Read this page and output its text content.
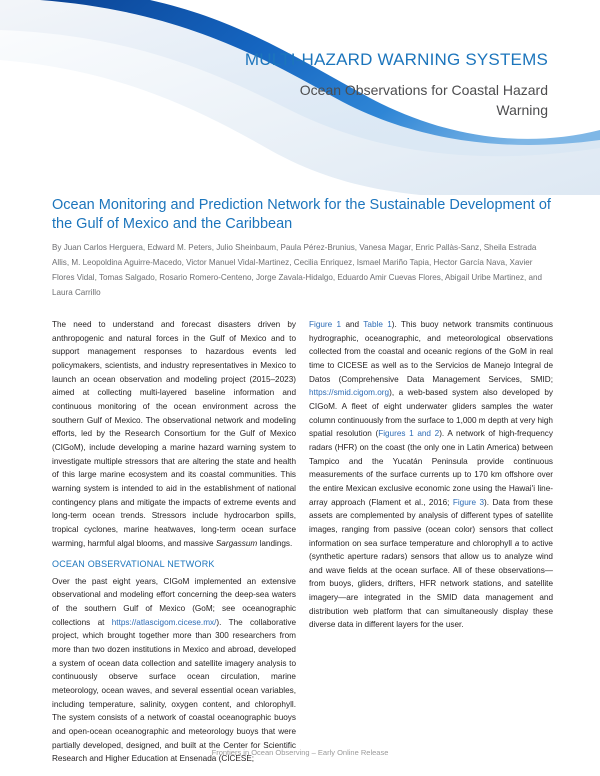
MULTI-HAZARD WARNING SYSTEMS
Ocean Observations for Coastal Hazard Warning
Ocean Monitoring and Prediction Network for the Sustainable Development of the Gulf of Mexico and the Caribbean

By Juan Carlos Herguera, Edward M. Peters, Julio Sheinbaum, Paula Pérez-Brunius, Vanesa Magar, Enric Pallàs-Sanz, Sheila Estrada Allis, M. Leopoldina Aguirre-Macedo, Victor Manuel Vidal-Martinez, Cecilia Enriquez, Ismael Mariño Tapia, Hector García Nava, Xavier Flores Vidal, Tomas Salgado, Rosario Romero-Centeno, Jorge Zavala-Hidalgo, Eduardo Amir Cuevas Flores, Abigail Uribe Martinez, and Laura Carrillo

The need to understand and forecast disasters driven by anthropogenic and natural forces in the Gulf of Mexico and to support management responses to hazardous events led policymakers, scientists, and industry representatives in Mexico to launch an ocean observation and modeling project (2015–2023) aimed at collecting multi-layered baseline information and continuous monitoring of the ocean environment across the southern Gulf of Mexico. The observational network and modeling efforts, led by the Research Consortium for the Gulf of Mexico (CIGoM), include developing a marine hazard warning system to investigate multiple stressors that are altering the state and health of this large marine ecosystem and its coastal communities. This warning system is intended to aid in the establishment of national contingency plans and mitigate the impacts of extreme events and long-term ocean trends. Stressors include hydrocarbon spills, tropical cyclones, marine heatwaves, long-term ocean surface warming, harmful algal blooms, and massive Sargassum landings.

OCEAN OBSERVATIONAL NETWORK

Over the past eight years, CIGoM implemented an extensive observational and modeling effort concerning the deep-sea waters of the southern Gulf of Mexico (GoM; see oceanographic collections at https://atlascigom.cicese.mx/). The collaborative project, which brought together more than 300 researchers from more than two dozen institutions in Mexico and abroad, developed a system of ocean data collection and satellite imagery analysis to continuously observe surface ocean circulation, marine meteorology, ocean waves, and several essential ocean variables, including temperature, salinity, oxygen content, and chlorophyll. The system consists of a network of coastal oceanographic buoys and open-ocean oceanographic and meteorology buoys that were partially developed, designed, and built at the Center for Scientific Research and Higher Education at Ensenada (CICESE;

Figure 1 and Table 1). This buoy network transmits continuous hydrographic, oceanographic, and meteorological observations collected from the coastal and oceanic regions of the GoM in real time to CICESE as well as to the Servicios de Manejo Integral de Datos (Comprehensive Data Management Services, SMID; https://smid.cigom.org), a web-based system also developed by CIGoM. A fleet of eight underwater gliders samples the water column continuously from the surface to 1,000 m depth at very high spatial resolution (Figures 1 and 2). A network of high-frequency radars (HFR) on the coast (the only one in Latin America) between Tampico and the Yucatán Peninsula provide continuous measurements of the surface currents up to 170 km offshore over the entire Mexican exclusive economic zone using the Hawai'i line-array approach (Flament et al., 2016; Figure 3). Data from these assets are complemented by analysis of different types of satellite images, ranging from passive (ocean color) sensors that collect information on sea surface temperature and chlorophyll a to active (synthetic aperture radars) sensors that allow us to analyze wind and wave fields at the ocean surface. All of these observations—from buoys, gliders, drifters, HFR network stations, and satellite imagery—are integrated in the SMID data management and distribution web platform that can simultaneously display these diverse data in different layers for the user.

Frontiers in Ocean Observing – Early Online Release
